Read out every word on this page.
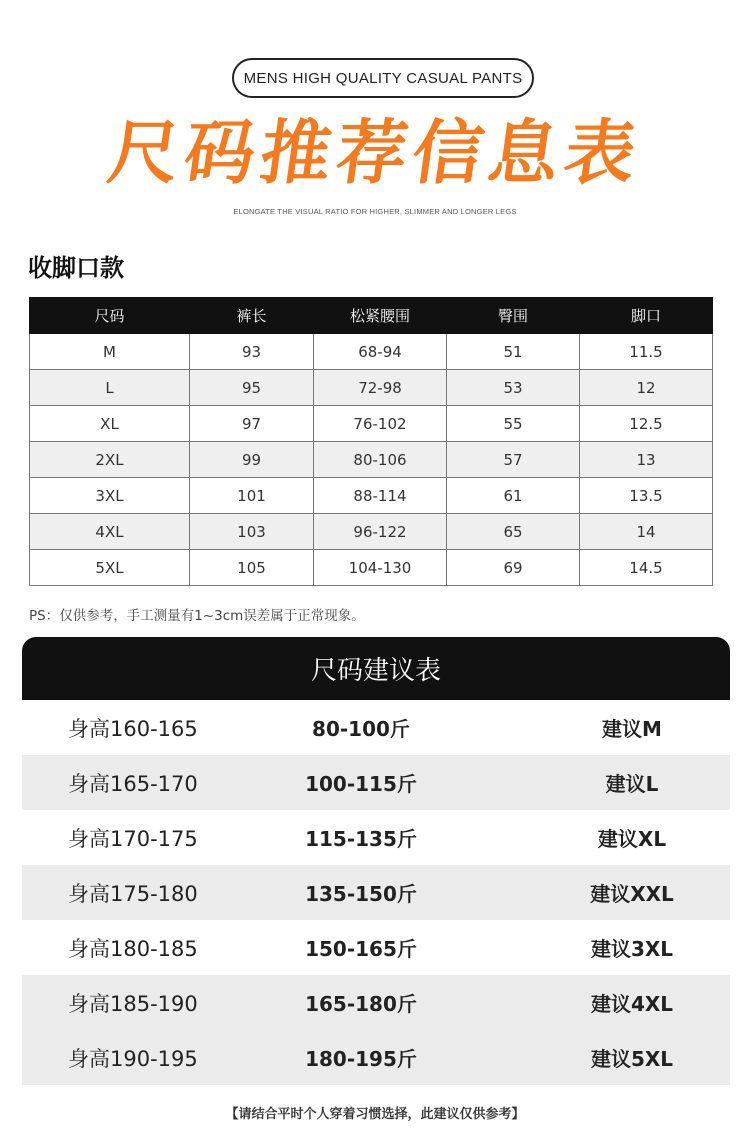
MENS HIGH QUALITY CASUAL PANTS
尺码推荐信息表
ELONGATE THE VISUAL RATIO FOR HIGHER, SLIMMER AND LONGER LEGS
收脚口款
尺码	裤长	松紧腰围	臀围	脚口
M	93	68-94	51	11.5
L	95	72-98	53	12
XL	97	76-102	55	12.5
2XL	99	80-106	57	13
3XL	101	88-114	61	13.5
4XL	103	96-122	65	14
5XL	105	104-130	69	14.5
PS：仅供参考，手工测量有1~3cm误差属于正常现象。
尺码建议表
身高160-165	80-100斤	建议M
身高165-170	100-115斤	建议L
身高170-175	115-135斤	建议XL
身高175-180	135-150斤	建议XXL
身高180-185	150-165斤	建议3XL
身高185-190	165-180斤	建议4XL
身高190-195	180-195斤	建议5XL
【请结合平时个人穿着习惯选择，此建议仅供参考】
